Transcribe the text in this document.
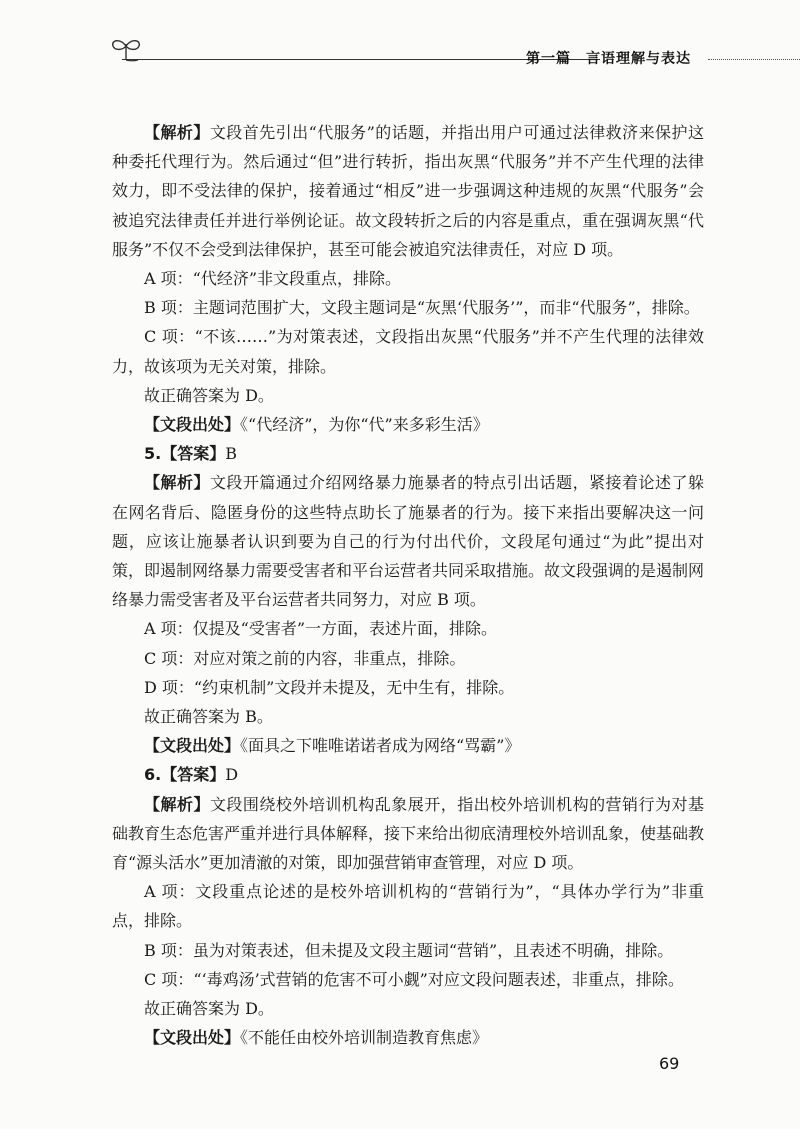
第一篇　言语理解与表达

【解析】文段首先引出“代服务”的话题，并指出用户可通过法律救济来保护这种委托代理行为。然后通过“但”进行转折，指出灰黑“代服务”并不产生代理的法律效力，即不受法律的保护，接着通过“相反”进一步强调这种违规的灰黑“代服务”会被追究法律责任并进行举例论证。故文段转折之后的内容是重点，重在强调灰黑“代服务”不仅不会受到法律保护，甚至可能会被追究法律责任，对应 D 项。

A 项：“代经济”非文段重点，排除。

B 项：主题词范围扩大，文段主题词是“灰黑‘代服务’”，而非“代服务”，排除。

C 项：“不该……”为对策表述，文段指出灰黑“代服务”并不产生代理的法律效力，故该项为无关对策，排除。

故正确答案为 D。

【文段出处】《“代经济”，为你“代”来多彩生活》

5.【答案】B

【解析】文段开篇通过介绍网络暴力施暴者的特点引出话题，紧接着论述了躲在网名背后、隐匿身份的这些特点助长了施暴者的行为。接下来指出要解决这一问题，应该让施暴者认识到要为自己的行为付出代价，文段尾句通过“为此”提出对策，即遏制网络暴力需要受害者和平台运营者共同采取措施。故文段强调的是遏制网络暴力需受害者及平台运营者共同努力，对应 B 项。

A 项：仅提及“受害者”一方面，表述片面，排除。

C 项：对应对策之前的内容，非重点，排除。

D 项：“约束机制”文段并未提及，无中生有，排除。

故正确答案为 B。

【文段出处】《面具之下唯唯诺诺者成为网络“骂霸”》

6.【答案】D

【解析】文段围绕校外培训机构乱象展开，指出校外培训机构的营销行为对基础教育生态危害严重并进行具体解释，接下来给出彻底清理校外培训乱象，使基础教育“源头活水”更加清澈的对策，即加强营销审查管理，对应 D 项。

A 项：文段重点论述的是校外培训机构的“营销行为”，“具体办学行为”非重点，排除。

B 项：虽为对策表述，但未提及文段主题词“营销”，且表述不明确，排除。

C 项：“‘毒鸡汤’式营销的危害不可小觑”对应文段问题表述，非重点，排除。

故正确答案为 D。

【文段出处】《不能任由校外培训制造教育焦虑》

69
